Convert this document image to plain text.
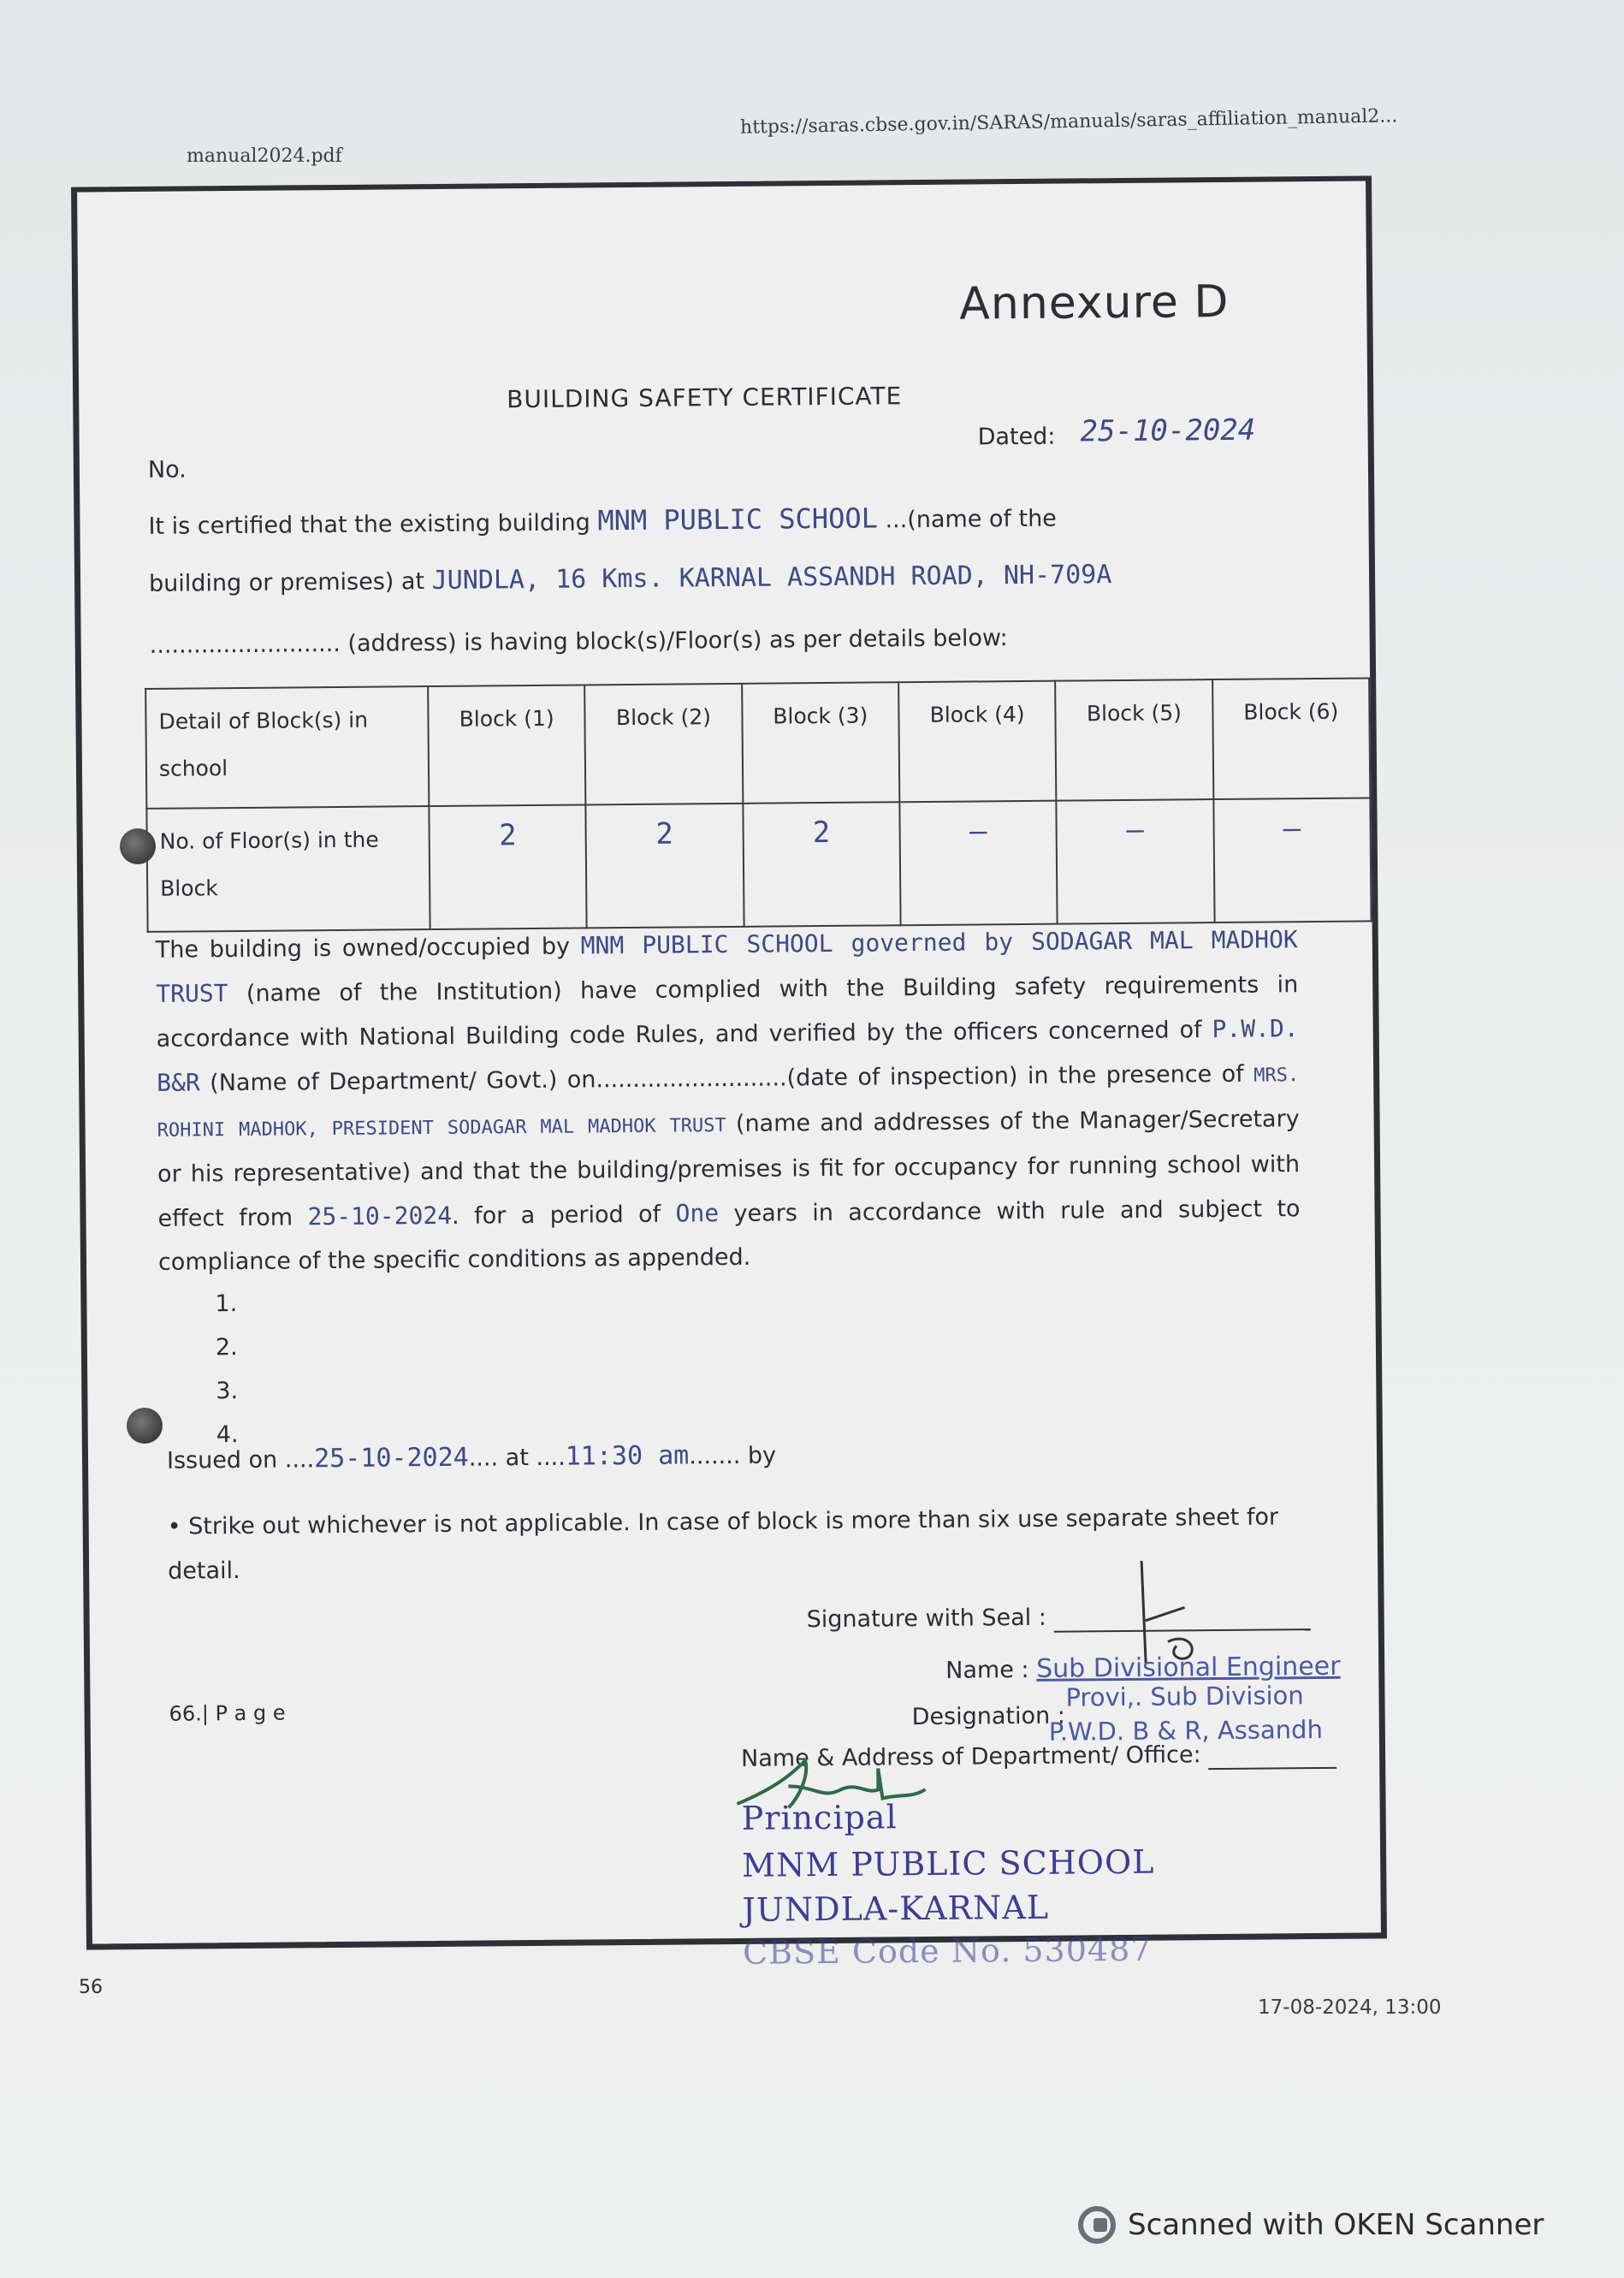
manual2024.pdf
https://saras.cbse.gov.in/SARAS/manuals/saras_affiliation_manual2...
Annexure D
BUILDING SAFETY CERTIFICATE
No.
Dated: 25-10-2024
It is certified that the existing building MNM PUBLIC SCHOOL ...(name of the
building or premises) at JUNDLA, 16 Kms. KARNAL ASSANDH ROAD, NH-709A
.......................... (address) is having block(s)/Floor(s) as per details below:
Detail of Block(s) in school	Block (1)	Block (2)	Block (3)	Block (4)	Block (5)	Block (6)
No. of Floor(s) in the Block	2	2	2	—	—	—
The building is owned/occupied by MNM PUBLIC SCHOOL governed by SODAGAR MAL MADHOK TRUST (name of the Institution) have complied with the Building safety requirements in accordance with National Building code Rules, and verified by the officers concerned of P.W.D. B&R (Name of Department/ Govt.) on..........................(date of inspection) in the presence of MRS. ROHINI MADHOK, PRESIDENT SODAGAR MAL MADHOK TRUST (name and addresses of the Manager/Secretary or his representative) and that the building/premises is fit for occupancy for running school with effect from 25-10-2024. for a period of One years in accordance with rule and subject to compliance of the specific conditions as appended.
1.
2.
3.
4.
Issued on ....25-10-2024.... at ....11:30 am....... by
• Strike out whichever is not applicable. In case of block is more than six use separate sheet for detail.
Signature with Seal :
Name : Sub Divisional Engineer
Designation :
Provi,. Sub Division
P.W.D. B & R, Assandh
Name & Address of Department/ Office:
66.| P a g e
Principal
MNM PUBLIC SCHOOL
JUNDLA-KARNAL
CBSE Code No. 530487
56
17-08-2024, 13:00
Scanned with OKEN Scanner
